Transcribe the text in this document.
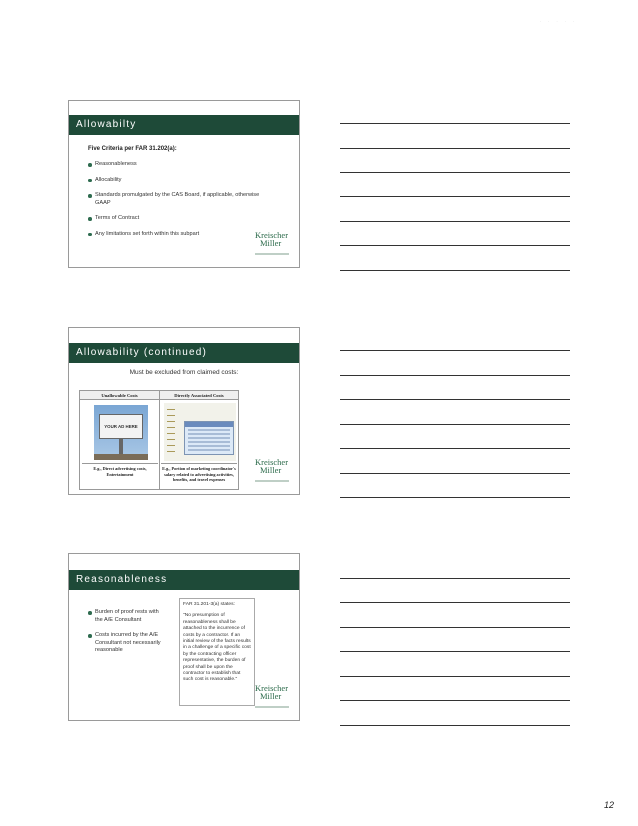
. . . . .
Allowabilty
Five Criteria per FAR 31.202(a):
Reasonableness
Allocability
Standards promulgated by the CAS Board, if applicable, otherwise GAAP
Terms of Contract
Any limitations set forth within this subpart	Kreischer
Miller
Allowability (continued)
Must be excluded from claimed costs:
Unallowable Costs	Directly Associated Costs
YOUR AD HERE
E.g., Direct advertising costs, Entertainment
E.g., Portion of marketing coordinator's salary related to advertising activities, benefits, and travel expenses
Kreischer
Miller
Reasonableness
Burden of proof rests with the A/E Consultant
Costs incurred by the A/E Consultant not necessarily reasonable

FAR 31.201-3(a) states:

"No presumption of reasonableness shall be attached to the incurrence of costs by a contractor. If an initial review of the facts results in a challenge of a specific cost by the contracting officer representative, the burden of proof shall be upon the contractor to establish that such cost is reasonable."

Kreischer
Miller
12
